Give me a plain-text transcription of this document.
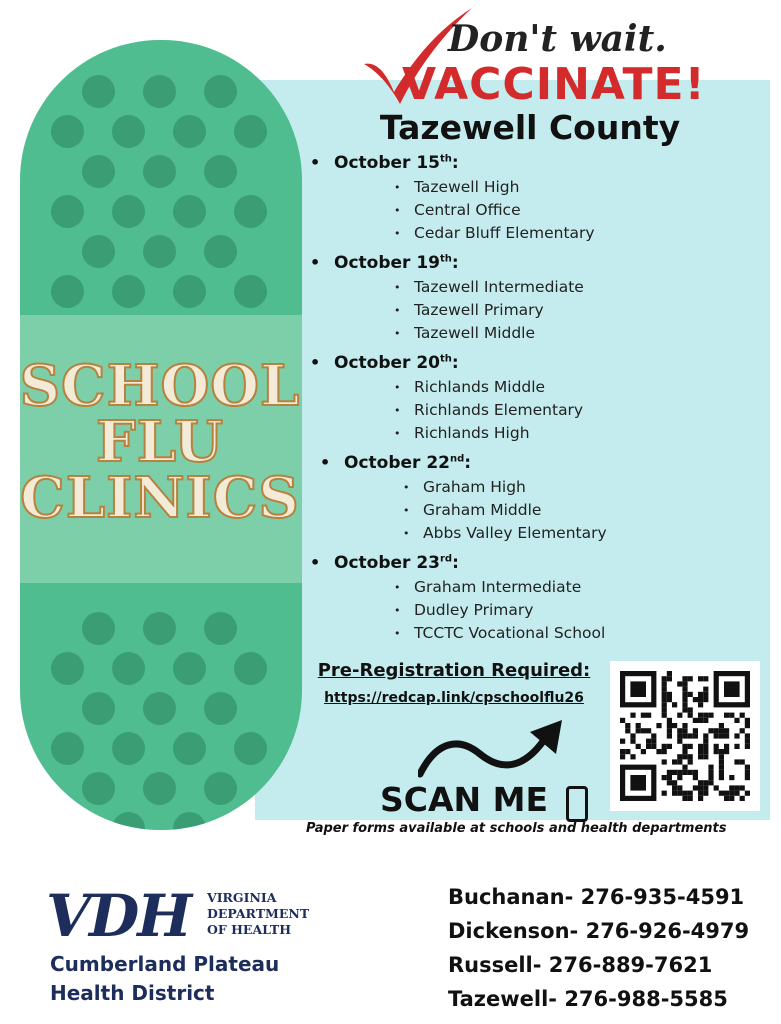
SCHOOL
FLU
CLINICS
Don't wait.
VACCINATE!
Tazewell County
• October 15th:
• Tazewell High
• Central Office
• Cedar Bluff Elementary
• October 19th:
• Tazewell Intermediate
• Tazewell Primary
• Tazewell Middle
• October 20th:
• Richlands Middle
• Richlands Elementary
• Richlands High
• October 22nd:
• Graham High
• Graham Middle
• Abbs Valley Elementary
• October 23rd:
• Graham Intermediate
• Dudley Primary
• TCCTC Vocational School
Pre-Registration Required:
https://redcap.link/cpschoolflu26
SCAN ME
Paper forms available at schools and health departments
VDH VIRGINIA
DEPARTMENT
OF HEALTH
Cumberland Plateau
Health District
Buchanan- 276-935-4591
Dickenson- 276-926-4979
Russell- 276-889-7621
Tazewell- 276-988-5585
